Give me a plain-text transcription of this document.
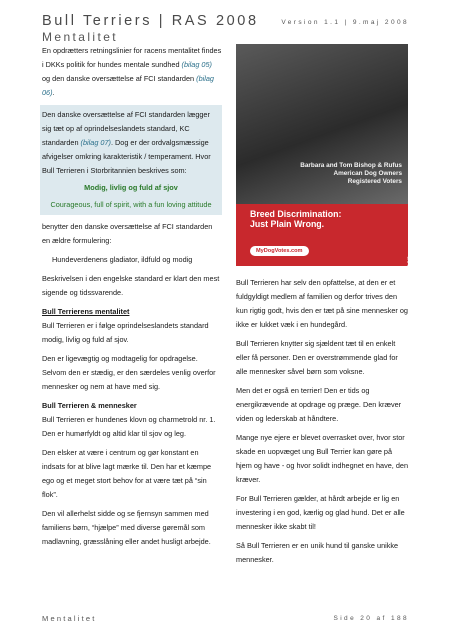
Bull Terriers | RAS 2008	Version 1.1 | 9.maj 2008
Mentalitet

En opdrætters retningslinier for racens mentalitet findes i DKKs politik for hundes mentale sundhed (bilag 05) og den danske oversættelse af FCI standarden (bilag 06).

Den danske oversættelse af FCI standarden lægger sig tæt op af oprindelseslandets standard, KC standarden (bilag 07). Dog er der ordvalgsmæssige afvigelser omkring karakteristik / temperament. Hvor Bull Terrieren i Storbritannien beskrives som:

Modig, livlig og fuld af sjov
Courageous, full of spirit, with a fun loving attitude

benytter den danske oversættelse af FCI standarden en ældre formulering:

Hundeverdenens gladiator, ildfuld og modig

Beskrivelsen i den engelske standard er klart den mest sigende og tidssvarende.

Bull Terrierens mentalitet
Bull Terrieren er i følge oprindelseslandets standard modig, livlig og fuld af sjov.

Den er ligevægtig og modtagelig for opdragelse. Selvom den er stædig, er den særdeles venlig overfor mennesker og nem at have med sig.

Bull Terrieren & mennesker
Bull Terrieren er hundenes klovn og charmetrold nr. 1. Den er humørfyldt og altid klar til sjov og leg.

Den elsker at være i centrum og gør konstant en indsats for at blive lagt mærke til. Den har et kæmpe ego og et meget stort behov for at være tæt på “sin flok”.

Den vil allerhelst sidde og se fjernsyn sammen med familiens børn, “hjælpe” med diverse gøremål som madlavning, græsslåning eller andet husligt arbejde.

Barbara and Tom Bishop & Rufus
American Dog Owners
Registered Voters
Breed Discrimination:
Just Plain Wrong.
MyDogVotes.com
Bishop

Bull Terrieren har selv den opfattelse, at den er et fuldgyldigt medlem af familien og derfor trives den kun rigtig godt, hvis den er tæt på sine mennesker og ikke er lukket væk i en hundegård.

Bull Terrieren knytter sig sjældent tæt til en enkelt eller få personer. Den er overstrømmende glad for alle mennesker såvel børn som voksne.

Men det er også en terrier! Den er tids og energikrævende at opdrage og præge. Den kræver viden og lederskab at håndtere.

Mange nye ejere er blevet overrasket over, hvor stor skade en uopvæget ung Bull Terrier kan gøre på hjem og have - og hvor solidt indhegnet en have, den kræver.

For Bull Terrieren gælder, at hårdt arbejde er lig en investering i en god, kærlig og glad hund. Det er alle mennesker ikke skabt til!

Så Bull Terrieren er en unik hund til ganske unikke mennesker.

Mentalitet	Side 20 af 188
